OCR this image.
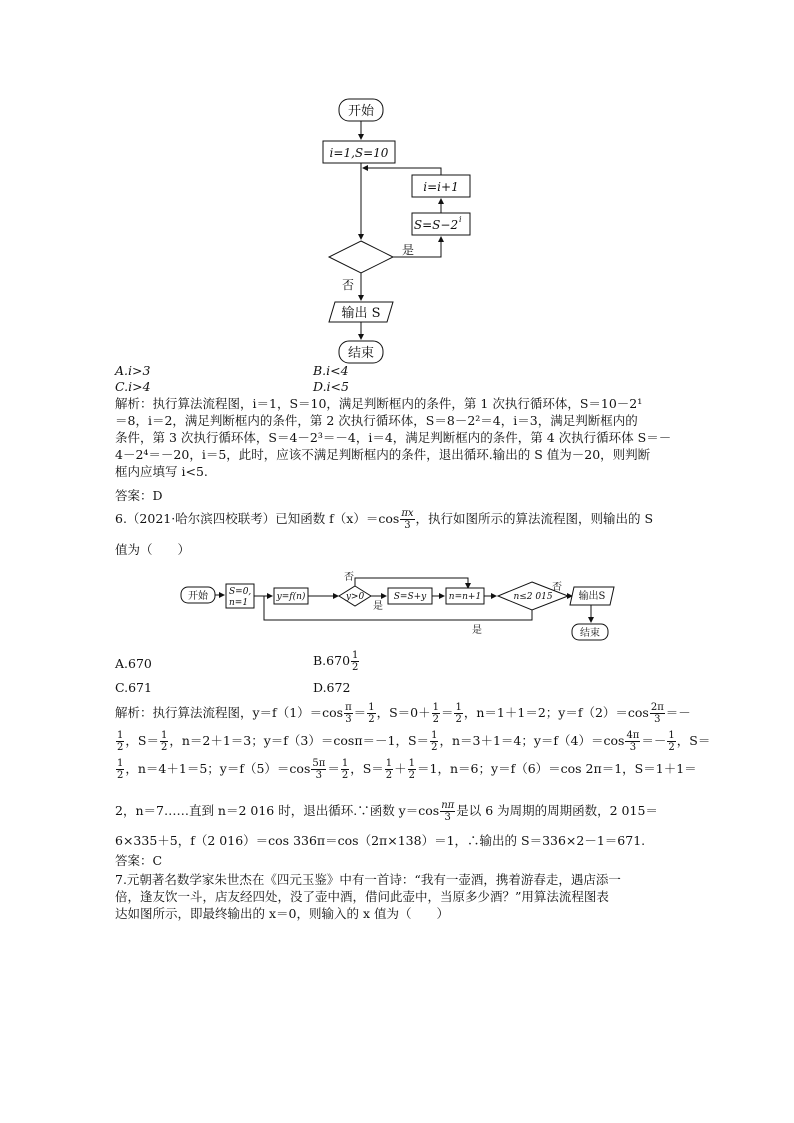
开始
i=1,S=10
i=i+1
S=S−2 i
是
否
输出 S
结束
A.i>3	B.i<4
C.i>4	D.i<5
解析：执行算法流程图，i＝1，S＝10，满足判断框内的条件，第 1 次执行循环体，S＝10－2¹
＝8，i＝2，满足判断框内的条件，第 2 次执行循环体，S＝8－2²＝4，i＝3，满足判断框内的
条件，第 3 次执行循环体，S＝4－2³＝－4，i＝4，满足判断框内的条件，第 4 次执行循环体 S＝－
4－2⁴＝－20，i＝5，此时，应该不满足判断框内的条件，退出循环.输出的 S 值为－20，则判断
框内应填写 i<5.
答案：D
6.（2021·哈尔滨四校联考）已知函数 $f(x)=\cos \frac{\pi x}{3}$ ，执行如图所示的算法流程图，则输出的 S
值为（　　）
开始 S=0,
n=1
y=f(n)	y>0
否
是
S=S+y	n=n+1	n≤2 015
否
输出S
结束
是
A.670	$B.670 \frac{1}{2}$
C.671	D.672
解析：执行算法流程图，$y=f(1)=\cos \frac{\pi}{3} = \frac{1}{2}$ ，$S=0+ \frac{1}{2} = \frac{1}{2}$ ，n＝1＋1＝2；$y=f(2)=\cos \frac{2\pi}{3}$ ＝－
$\frac{1}{2}$ ，$S= \frac{1}{2}$ ，n＝2＋1＝3；y＝f（3）＝cosπ＝－1，$S= \frac{1}{2}$ ，n＝3＋1＝4；$y=f(4)=\cos \frac{4\pi}{3} =- \frac{1}{2}$ ，S＝
$\frac{1}{2}$ ，n＝4＋1＝5；$y=f(5)=\cos \frac{5\pi}{3} = \frac{1}{2}$ ，$S= \frac{1}{2} + \frac{1}{2} =1$，n＝6；y＝f（6）＝cos 2π＝1，S＝1＋1＝
2，n＝7……直到 n＝2 016 时，退出循环.∵函数 $y=\cos \frac{n\pi}{3}$ 是以 6 为周期的周期函数，2 015＝
6×335＋5，f（2 016）＝cos 336π＝cos（2π×138）＝1，∴输出的 S＝336×2－1＝671.
答案：C
7.元朝著名数学家朱世杰在《四元玉鉴》中有一首诗：“我有一壶酒，携着游春走，遇店添一
倍，逢友饮一斗，店友经四处，没了壶中酒，借问此壶中，当原多少酒？”用算法流程图表
达如图所示，即最终输出的 x＝0，则输入的 x 值为（　　）
